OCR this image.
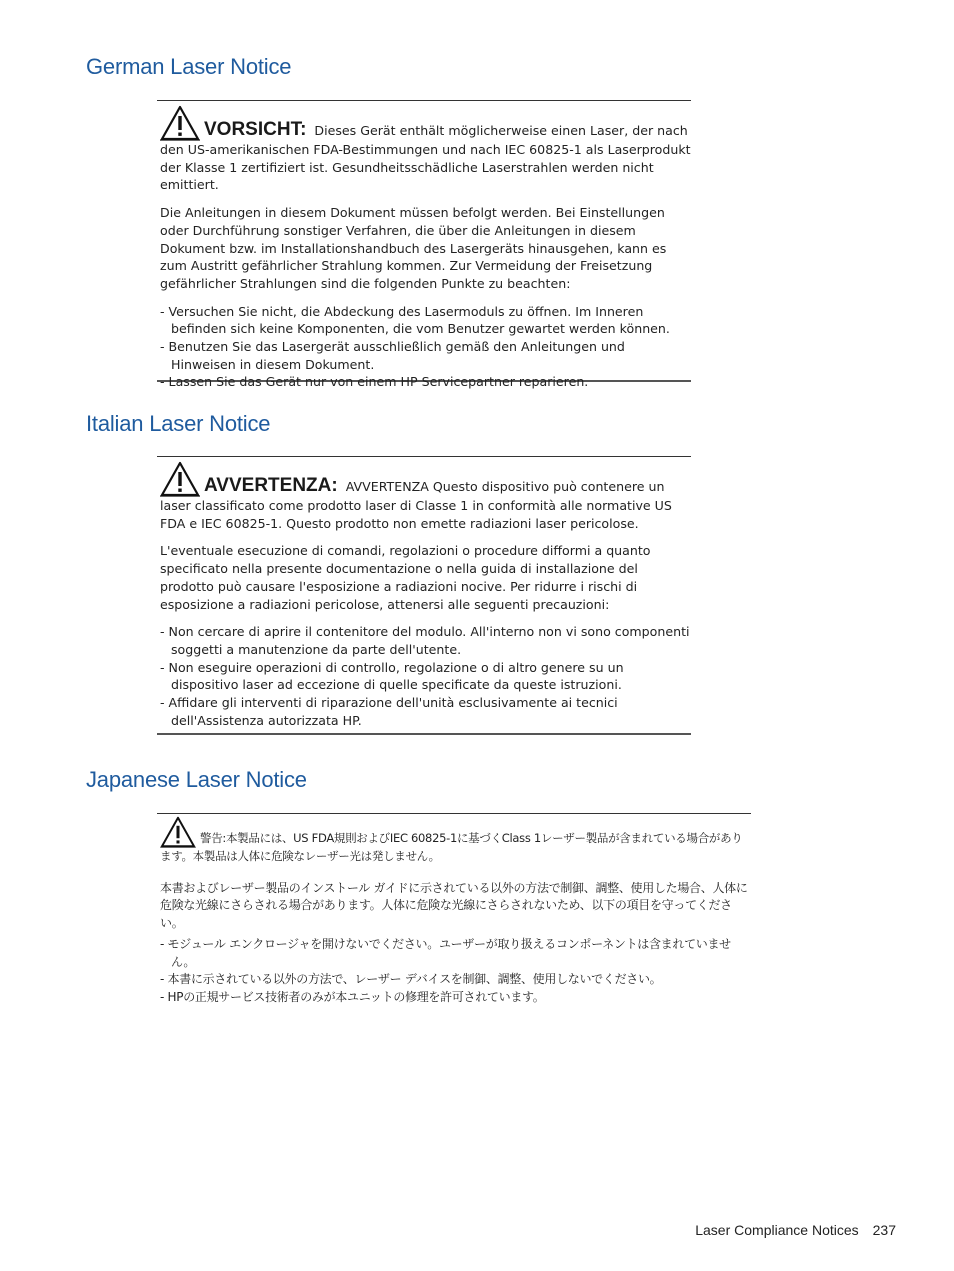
German Laser Notice

VORSICHT: Dieses Gerät enthält möglicherweise einen Laser, der nach den US-amerikanischen FDA-Bestimmungen und nach IEC 60825-1 als Laserprodukt der Klasse 1 zertifiziert ist. Gesundheitsschädliche Laserstrahlen werden nicht emittiert.

Die Anleitungen in diesem Dokument müssen befolgt werden. Bei Einstellungen oder Durchführung sonstiger Verfahren, die über die Anleitungen in diesem Dokument bzw. im Installationshandbuch des Lasergeräts hinausgehen, kann es zum Austritt gefährlicher Strahlung kommen. Zur Vermeidung der Freisetzung gefährlicher Strahlungen sind die folgenden Punkte zu beachten:

- Versuchen Sie nicht, die Abdeckung des Lasermoduls zu öffnen. Im Inneren befinden sich keine Komponenten, die vom Benutzer gewartet werden können.

- Benutzen Sie das Lasergerät ausschließlich gemäß den Anleitungen und Hinweisen in diesem Dokument.

- Lassen Sie das Gerät nur von einem HP Servicepartner reparieren.

Italian Laser Notice

AVVERTENZA: AVVERTENZA Questo dispositivo può contenere un laser classificato come prodotto laser di Classe 1 in conformità alle normative US FDA e IEC 60825-1. Questo prodotto non emette radiazioni laser pericolose.

L'eventuale esecuzione di comandi, regolazioni o procedure difformi a quanto specificato nella presente documentazione o nella guida di installazione del prodotto può causare l'esposizione a radiazioni nocive. Per ridurre i rischi di esposizione a radiazioni pericolose, attenersi alle seguenti precauzioni:

- Non cercare di aprire il contenitore del modulo. All'interno non vi sono componenti soggetti a manutenzione da parte dell'utente.

- Non eseguire operazioni di controllo, regolazione o di altro genere su un dispositivo laser ad eccezione di quelle specificate da queste istruzioni.

- Affidare gli interventi di riparazione dell'unità esclusivamente ai tecnici dell'Assistenza autorizzata HP.

Japanese Laser Notice

警告:本製品には、US FDA規則およびIEC 60825-1に基づくClass 1レーザー製品が含まれている場合があります。本製品は人体に危険なレーザー光は発しません。

本書およびレーザー製品のインストール ガイドに示されている以外の方法で制御、調整、使用した場合、人体に危険な光線にさらされる場合があります。人体に危険な光線にさらされないため、以下の項目を守ってください。

- モジュール エンクロージャを開けないでください。ユーザーが取り扱えるコンポーネントは含まれていません。

- 本書に示されている以外の方法で、レーザー デバイスを制御、調整、使用しないでください。

- HPの正規サービス技術者のみが本ユニットの修理を許可されています。

Laser Compliance Notices 237
